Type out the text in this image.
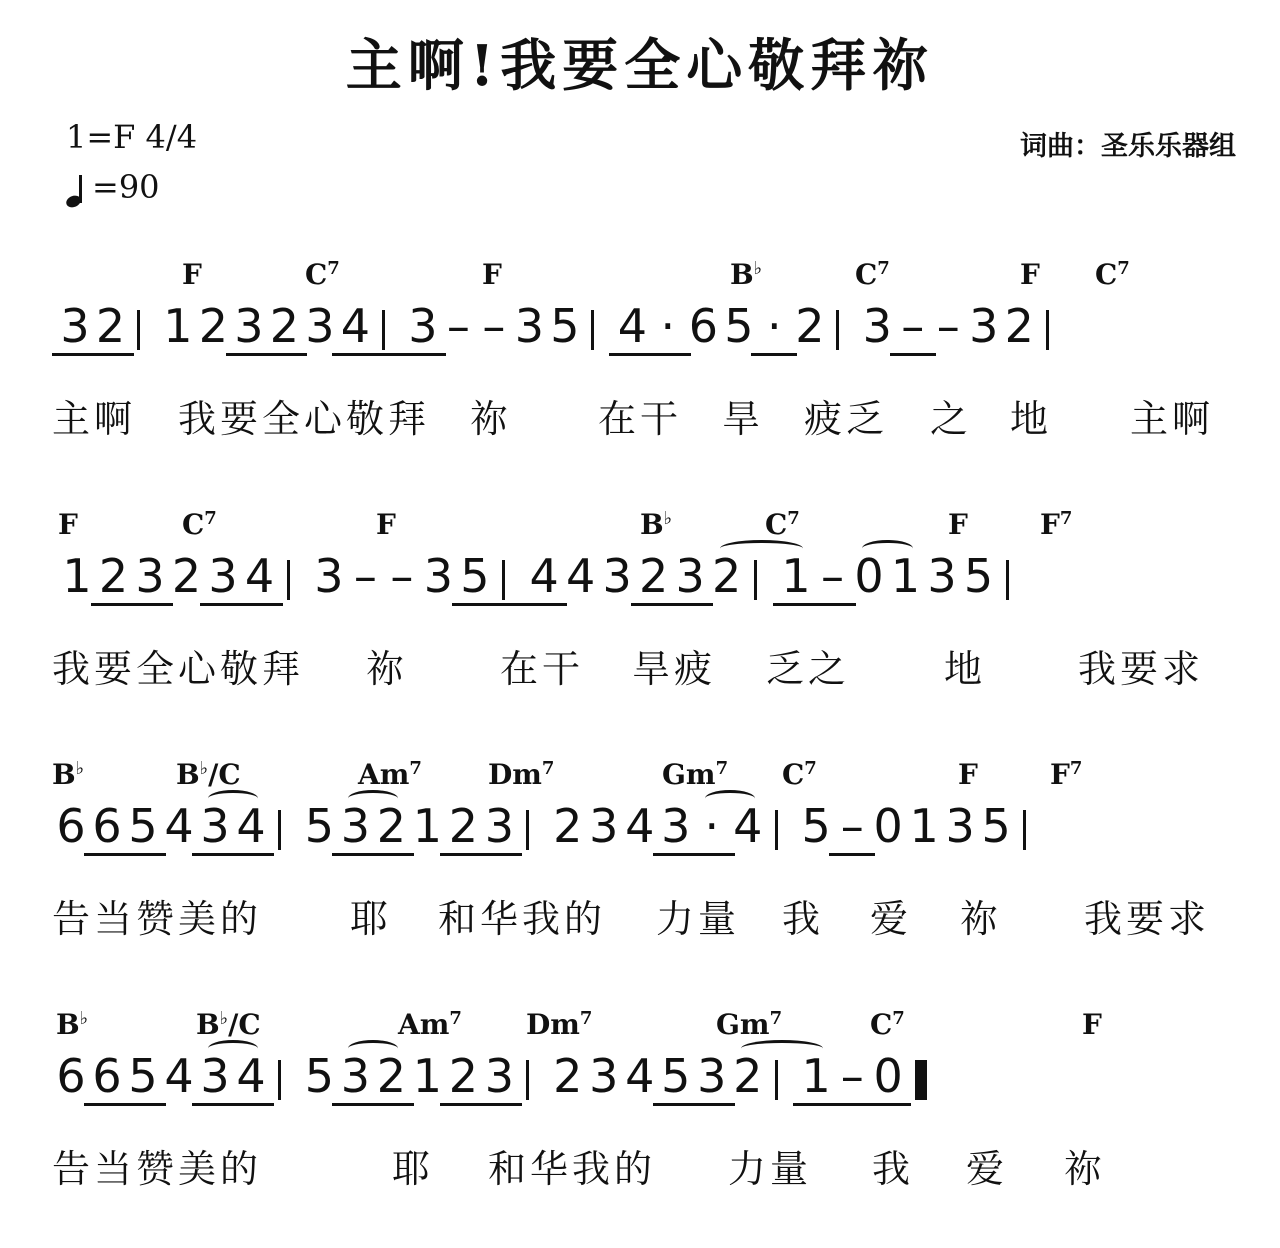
主啊!我要全心敬拜祢
1=F 4/4
=90
词曲：圣乐乐器组
F	$C^7$	F	B♭	$C^7$	F $C^7$
3 2 1 2 3 2 3 4 3 – – 3 5 4 · 6 5 · 2 3 – – 3 2
主啊 我要全心敬拜 祢 在干 旱 疲乏 之 地 主啊
F	$C^7$	F	B♭	$C^7$	F	$F^7$
1 2 3 2 3 4 3 – – 3 5 4 4 3 2 3 2 1 – 0 1 3 5
我要全心敬拜 祢 在干 旱疲 乏之 地 我要求
B♭	B♭/C	Am$^7$ Dm$^7$	Gm$^7$ $C^7$	F	$F^7$
6 6 5 4 3 4 5 3 2 1 2 3 2 3 4 3 · 4 5 – 0 1 3 5
告当赞美的 耶 和华我的 力量 我 爱 祢 我要求
B♭	B♭/C	Am$^7$ Dm$^7$	Gm$^7$	$C^7$	F
6 6 5 4 3 4 5 3 2 1 2 3 2 3 4 5 3 2 1 – 0
告当赞美的	耶 和华我的 力量 我 爱 祢
